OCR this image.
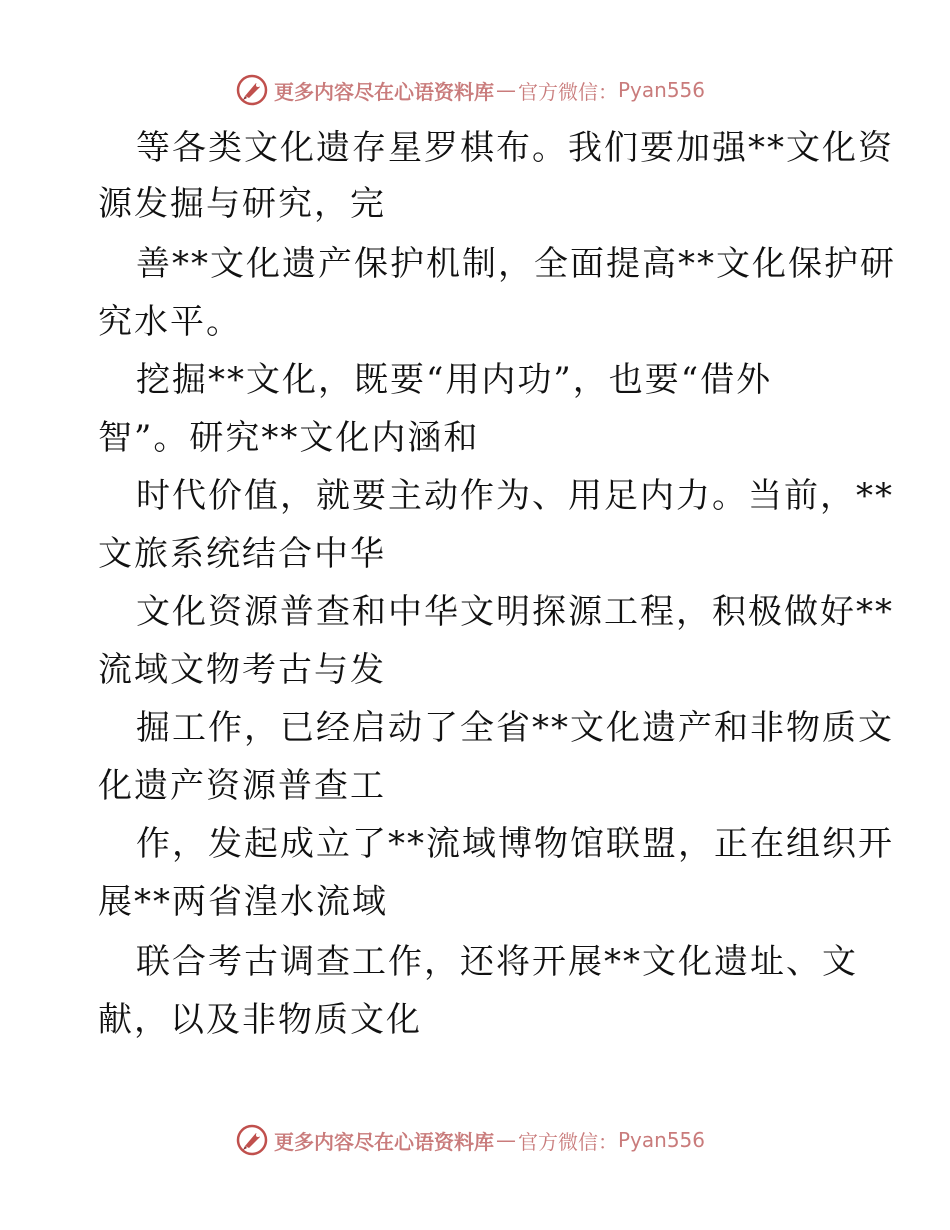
更多内容尽在心语资料库 — 官方微信： Pyan556
等各类文化遗存星罗棋布。我们要加强**文化资
源发掘与研究，完
善**文化遗产保护机制，全面提高**文化保护研
究水平。
挖掘**文化，既要“用内功”，也要“借外
智”。研究**文化内涵和
时代价值，就要主动作为、用足内力。当前，**
文旅系统结合中华
文化资源普查和中华文明探源工程，积极做好**
流域文物考古与发
掘工作，已经启动了全省**文化遗产和非物质文
化遗产资源普查工
作，发起成立了**流域博物馆联盟，正在组织开
展**两省湟水流域
联合考古调查工作，还将开展**文化遗址、文
献，以及非物质文化
更多内容尽在心语资料库 — 官方微信： Pyan556
